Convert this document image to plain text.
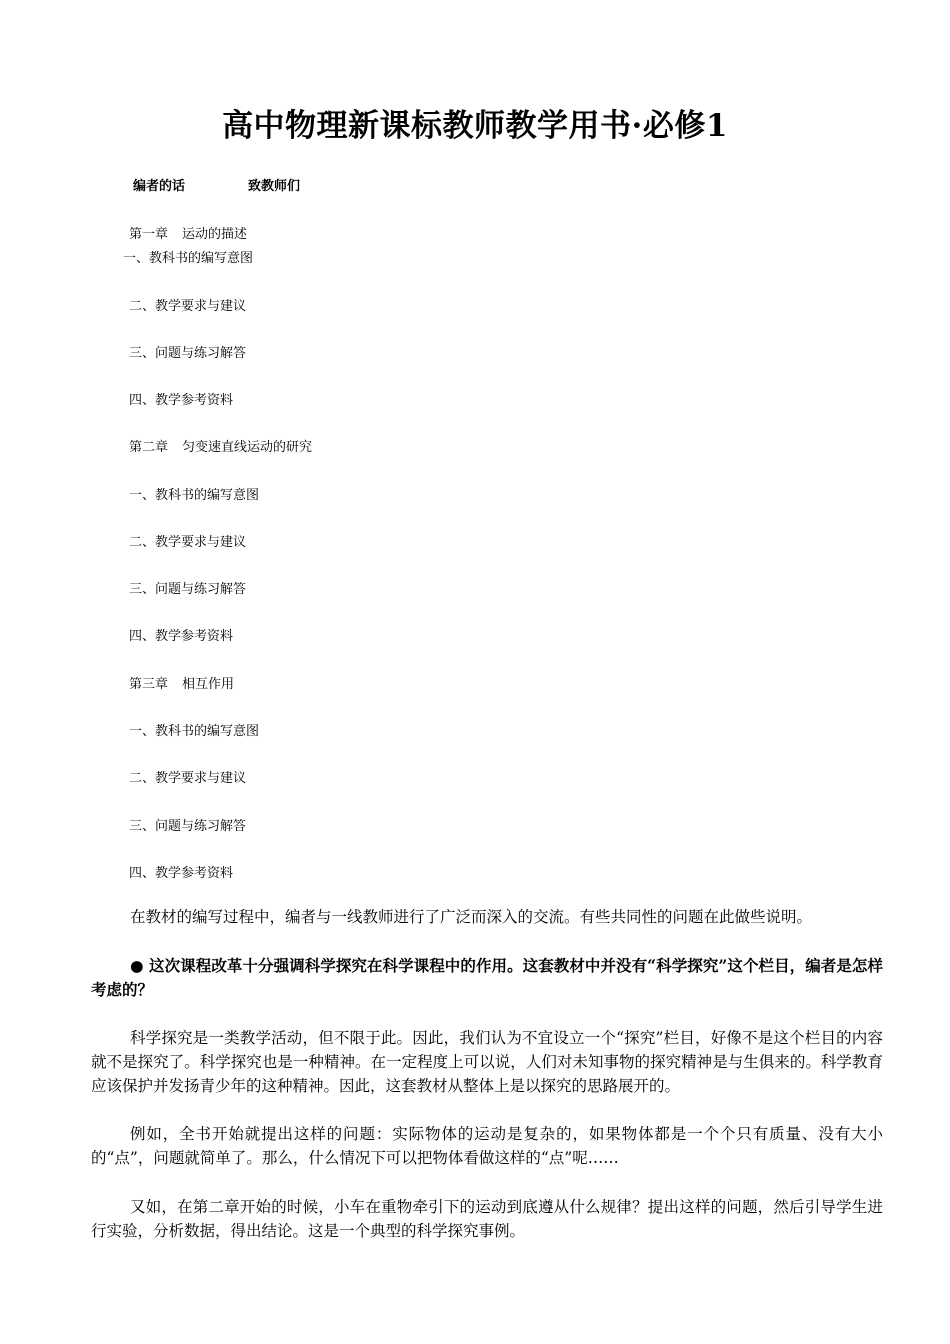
高中物理新课标教师教学用书·必修1
编者的话	致教师们
第一章 运动的描述
一、教科书的编写意图
二、教学要求与建议
三、问题与练习解答
四、教学参考资料
第二章 匀变速直线运动的研究
一、教科书的编写意图
二、教学要求与建议
三、问题与练习解答
四、教学参考资料
第三章 相互作用
一、教科书的编写意图
二、教学要求与建议
三、问题与练习解答
四、教学参考资料
在教材的编写过程中，编者与一线教师进行了广泛而深入的交流。有些共同性的问题在此做些说明。
● 这次课程改革十分强调科学探究在科学课程中的作用。这套教材中并没有“科学探究”这个栏目，编者是怎样考虑的？
科学探究是一类教学活动，但不限于此。因此，我们认为不宜设立一个“探究”栏目，好像不是这个栏目的内容就不是探究了。科学探究也是一种精神。在一定程度上可以说，人们对未知事物的探究精神是与生俱来的。科学教育应该保护并发扬青少年的这种精神。因此，这套教材从整体上是以探究的思路展开的。
例如，全书开始就提出这样的问题：实际物体的运动是复杂的，如果物体都是一个个只有质量、没有大小的“点”，问题就简单了。那么，什么情况下可以把物体看做这样的“点”呢……
又如，在第二章开始的时候，小车在重物牵引下的运动到底遵从什么规律？提出这样的问题，然后引导学生进行实验，分析数据，得出结论。这是一个典型的科学探究事例。
